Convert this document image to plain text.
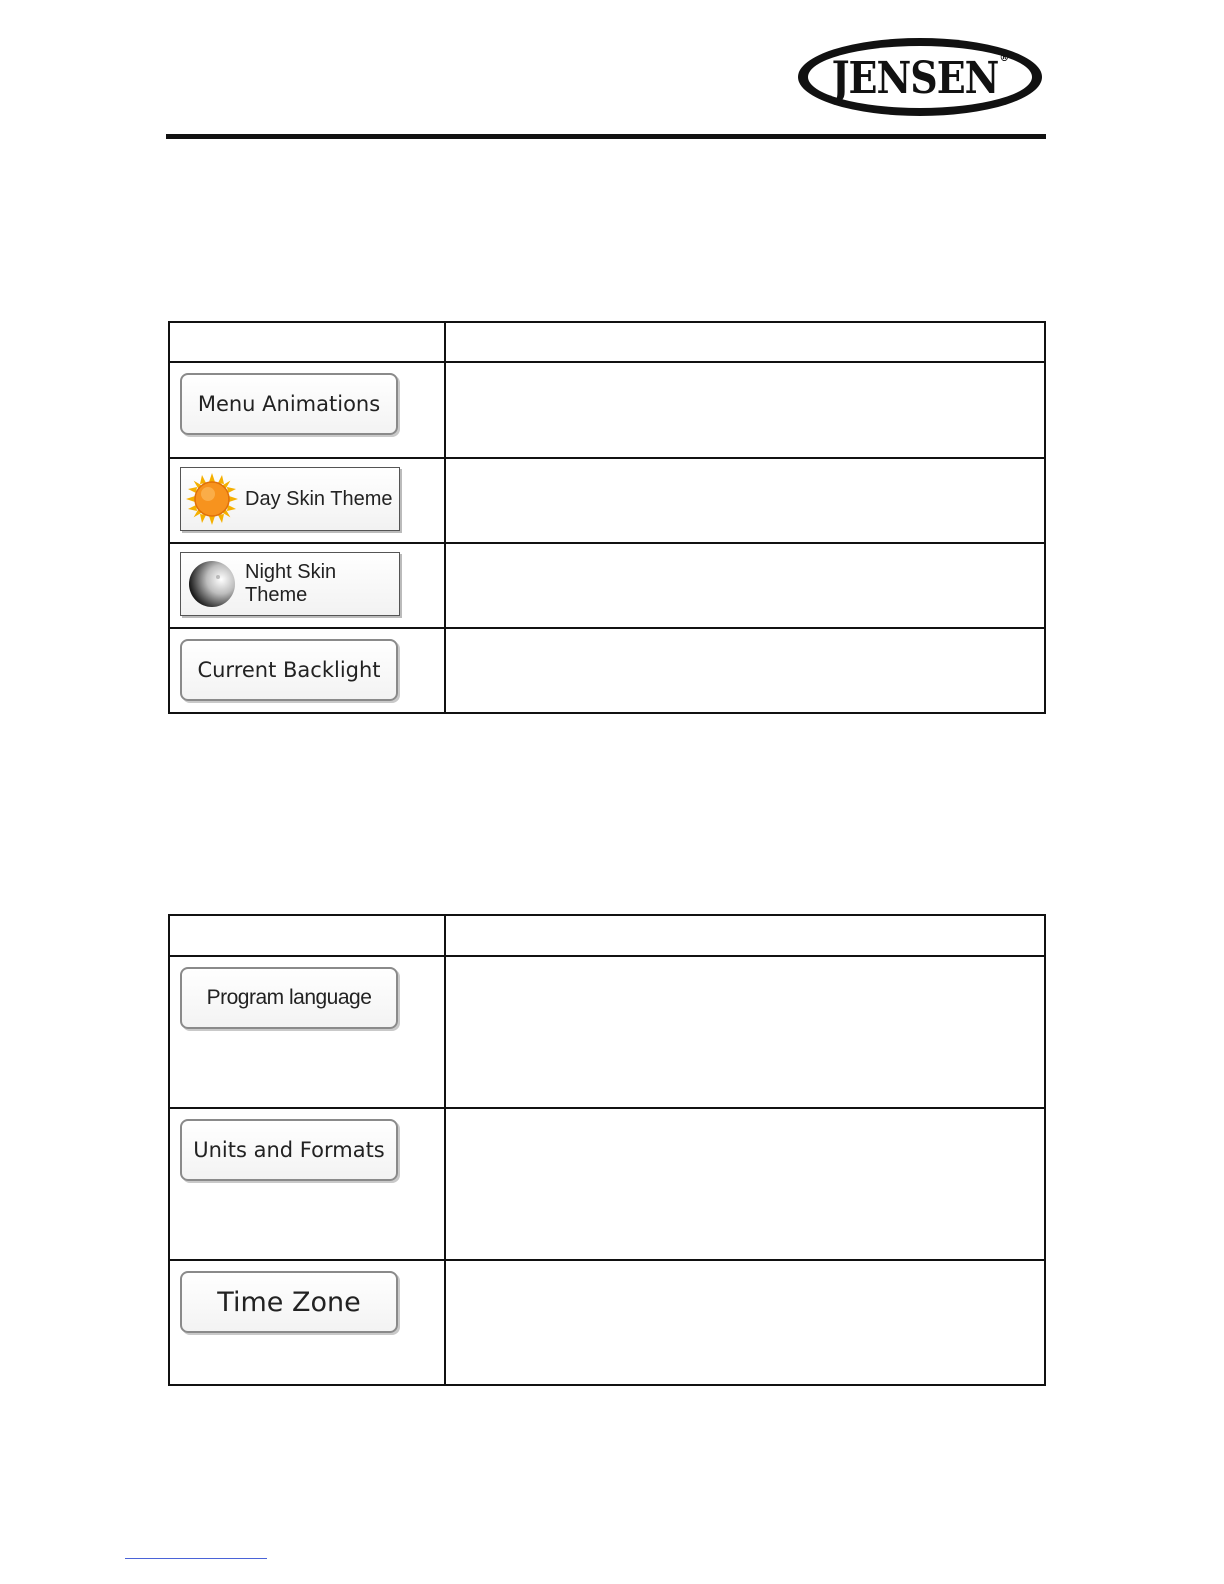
JENSEN®

Menu Animations	

Day Skin Theme	

Night Skin Theme	

Current Backlight	

Program language	

Units and Formats	

Time Zone	
